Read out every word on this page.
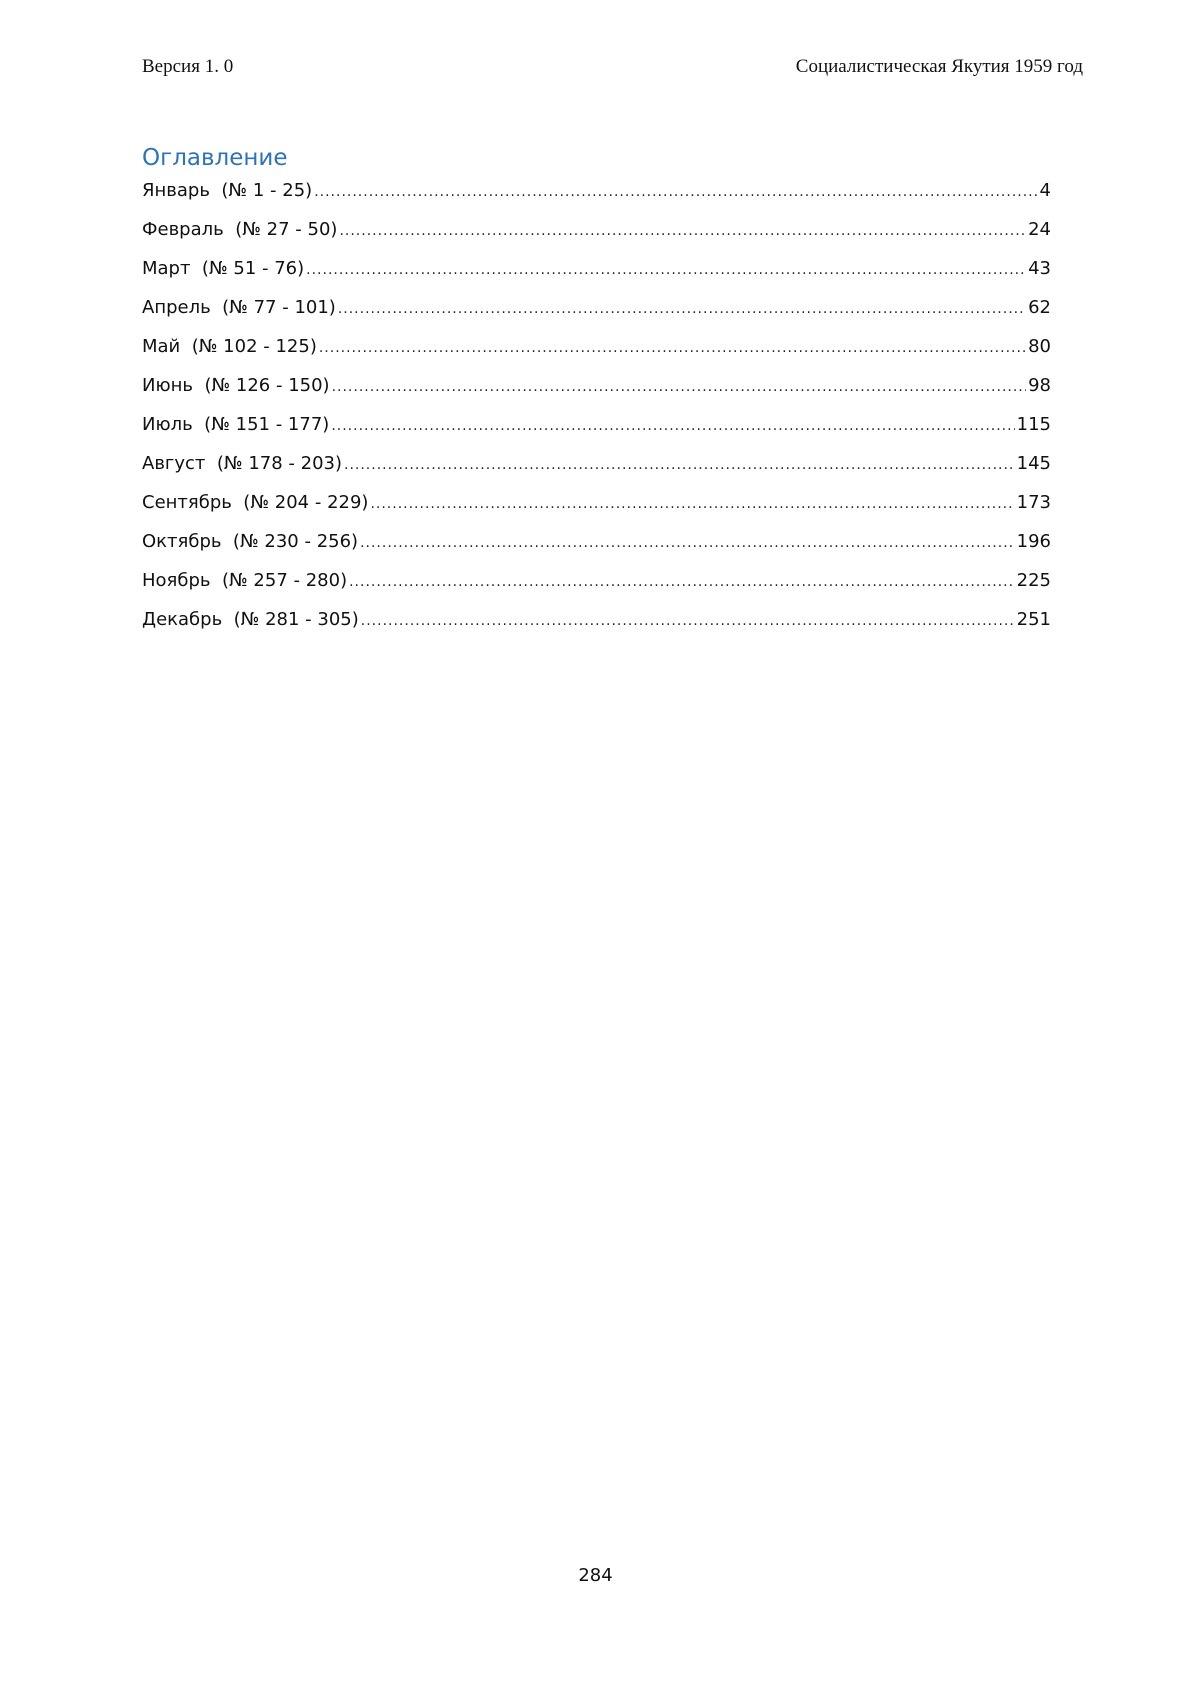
Версия 1. 0	Социалистическая Якутия 1959 год
Оглавление
Январь  (№ 1 - 25) .....	4
Февраль  (№ 27 - 50) .....	24
Март  (№ 51 - 76) .....	43
Апрель  (№ 77 - 101) .....	62
Май  (№ 102 - 125) .....	80
Июнь  (№ 126 - 150) .....	98
Июль  (№ 151 - 177) .....	115
Август  (№ 178 - 203) .....	145
Сентябрь  (№ 204 - 229) .....	173
Октябрь  (№ 230 - 256) .....	196
Ноябрь  (№ 257 - 280) .....	225
Декабрь  (№ 281 - 305) .....	251
284
